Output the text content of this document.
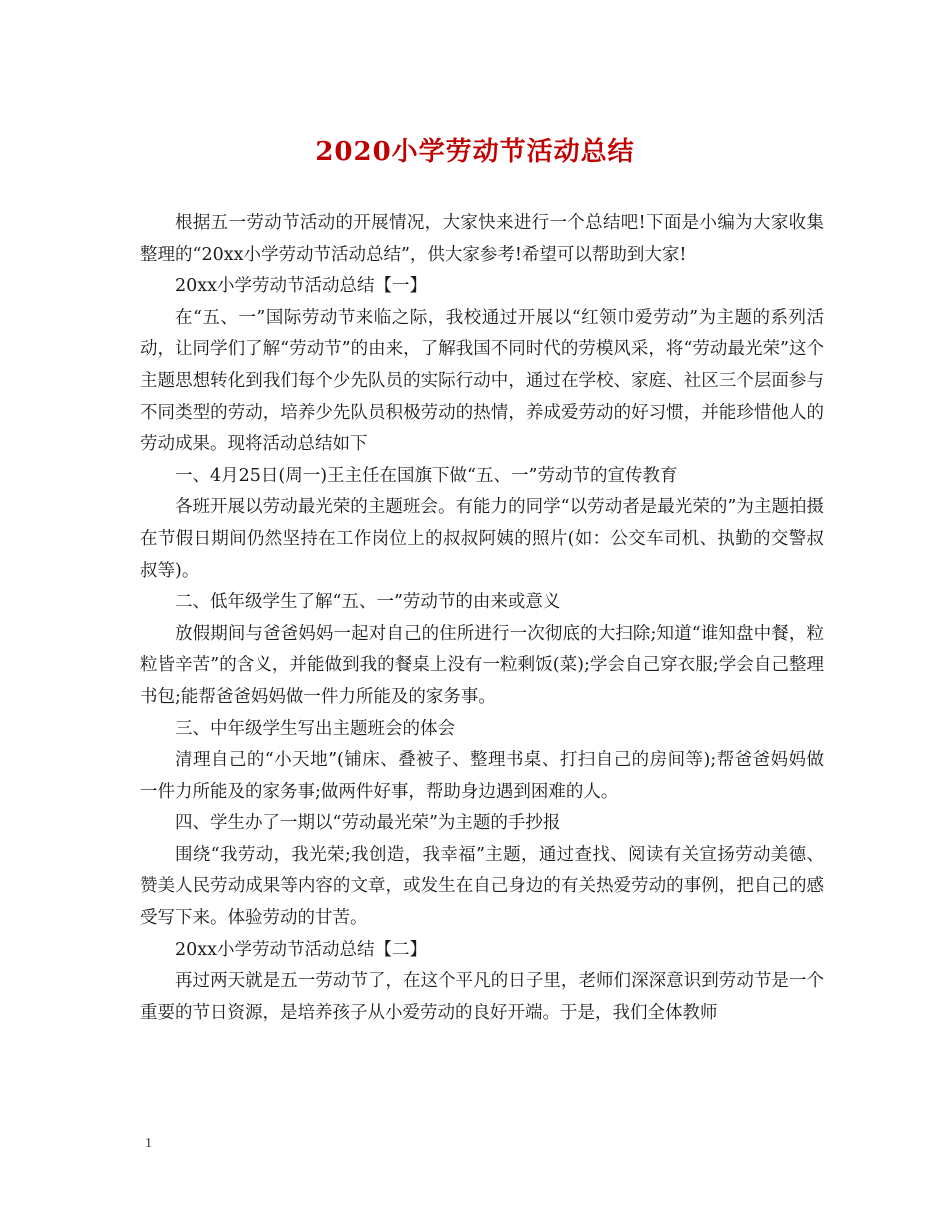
2020小学劳动节活动总结

根据五一劳动节活动的开展情况，大家快来进行一个总结吧!下面是小编为大家收集整理的“20xx小学劳动节活动总结”，供大家参考!希望可以帮助到大家!

20xx小学劳动节活动总结【一】

在“五、一”国际劳动节来临之际，我校通过开展以“红领巾爱劳动”为主题的系列活动，让同学们了解“劳动节”的由来，了解我国不同时代的劳模风采，将“劳动最光荣”这个主题思想转化到我们每个少先队员的实际行动中，通过在学校、家庭、社区三个层面参与不同类型的劳动，培养少先队员积极劳动的热情，养成爱劳动的好习惯，并能珍惜他人的劳动成果。现将活动总结如下

一、4月25日(周一)王主任在国旗下做“五、一”劳动节的宣传教育

各班开展以劳动最光荣的主题班会。有能力的同学“以劳动者是最光荣的”为主题拍摄在节假日期间仍然坚持在工作岗位上的叔叔阿姨的照片(如：公交车司机、执勤的交警叔叔等)。

二、低年级学生了解“五、一”劳动节的由来或意义

放假期间与爸爸妈妈一起对自己的住所进行一次彻底的大扫除;知道“谁知盘中餐，粒粒皆辛苦”的含义，并能做到我的餐桌上没有一粒剩饭(菜);学会自己穿衣服;学会自己整理书包;能帮爸爸妈妈做一件力所能及的家务事。

三、中年级学生写出主题班会的体会

清理自己的“小天地”(铺床、叠被子、整理书桌、打扫自己的房间等);帮爸爸妈妈做一件力所能及的家务事;做两件好事，帮助身边遇到困难的人。

四、学生办了一期以“劳动最光荣”为主题的手抄报

围绕“我劳动，我光荣;我创造，我幸福”主题，通过查找、阅读有关宣扬劳动美德、赞美人民劳动成果等内容的文章，或发生在自己身边的有关热爱劳动的事例，把自己的感受写下来。体验劳动的甘苦。

20xx小学劳动节活动总结【二】

再过两天就是五一劳动节了，在这个平凡的日子里，老师们深深意识到劳动节是一个重要的节日资源，是培养孩子从小爱劳动的良好开端。于是，我们全体教师

1
